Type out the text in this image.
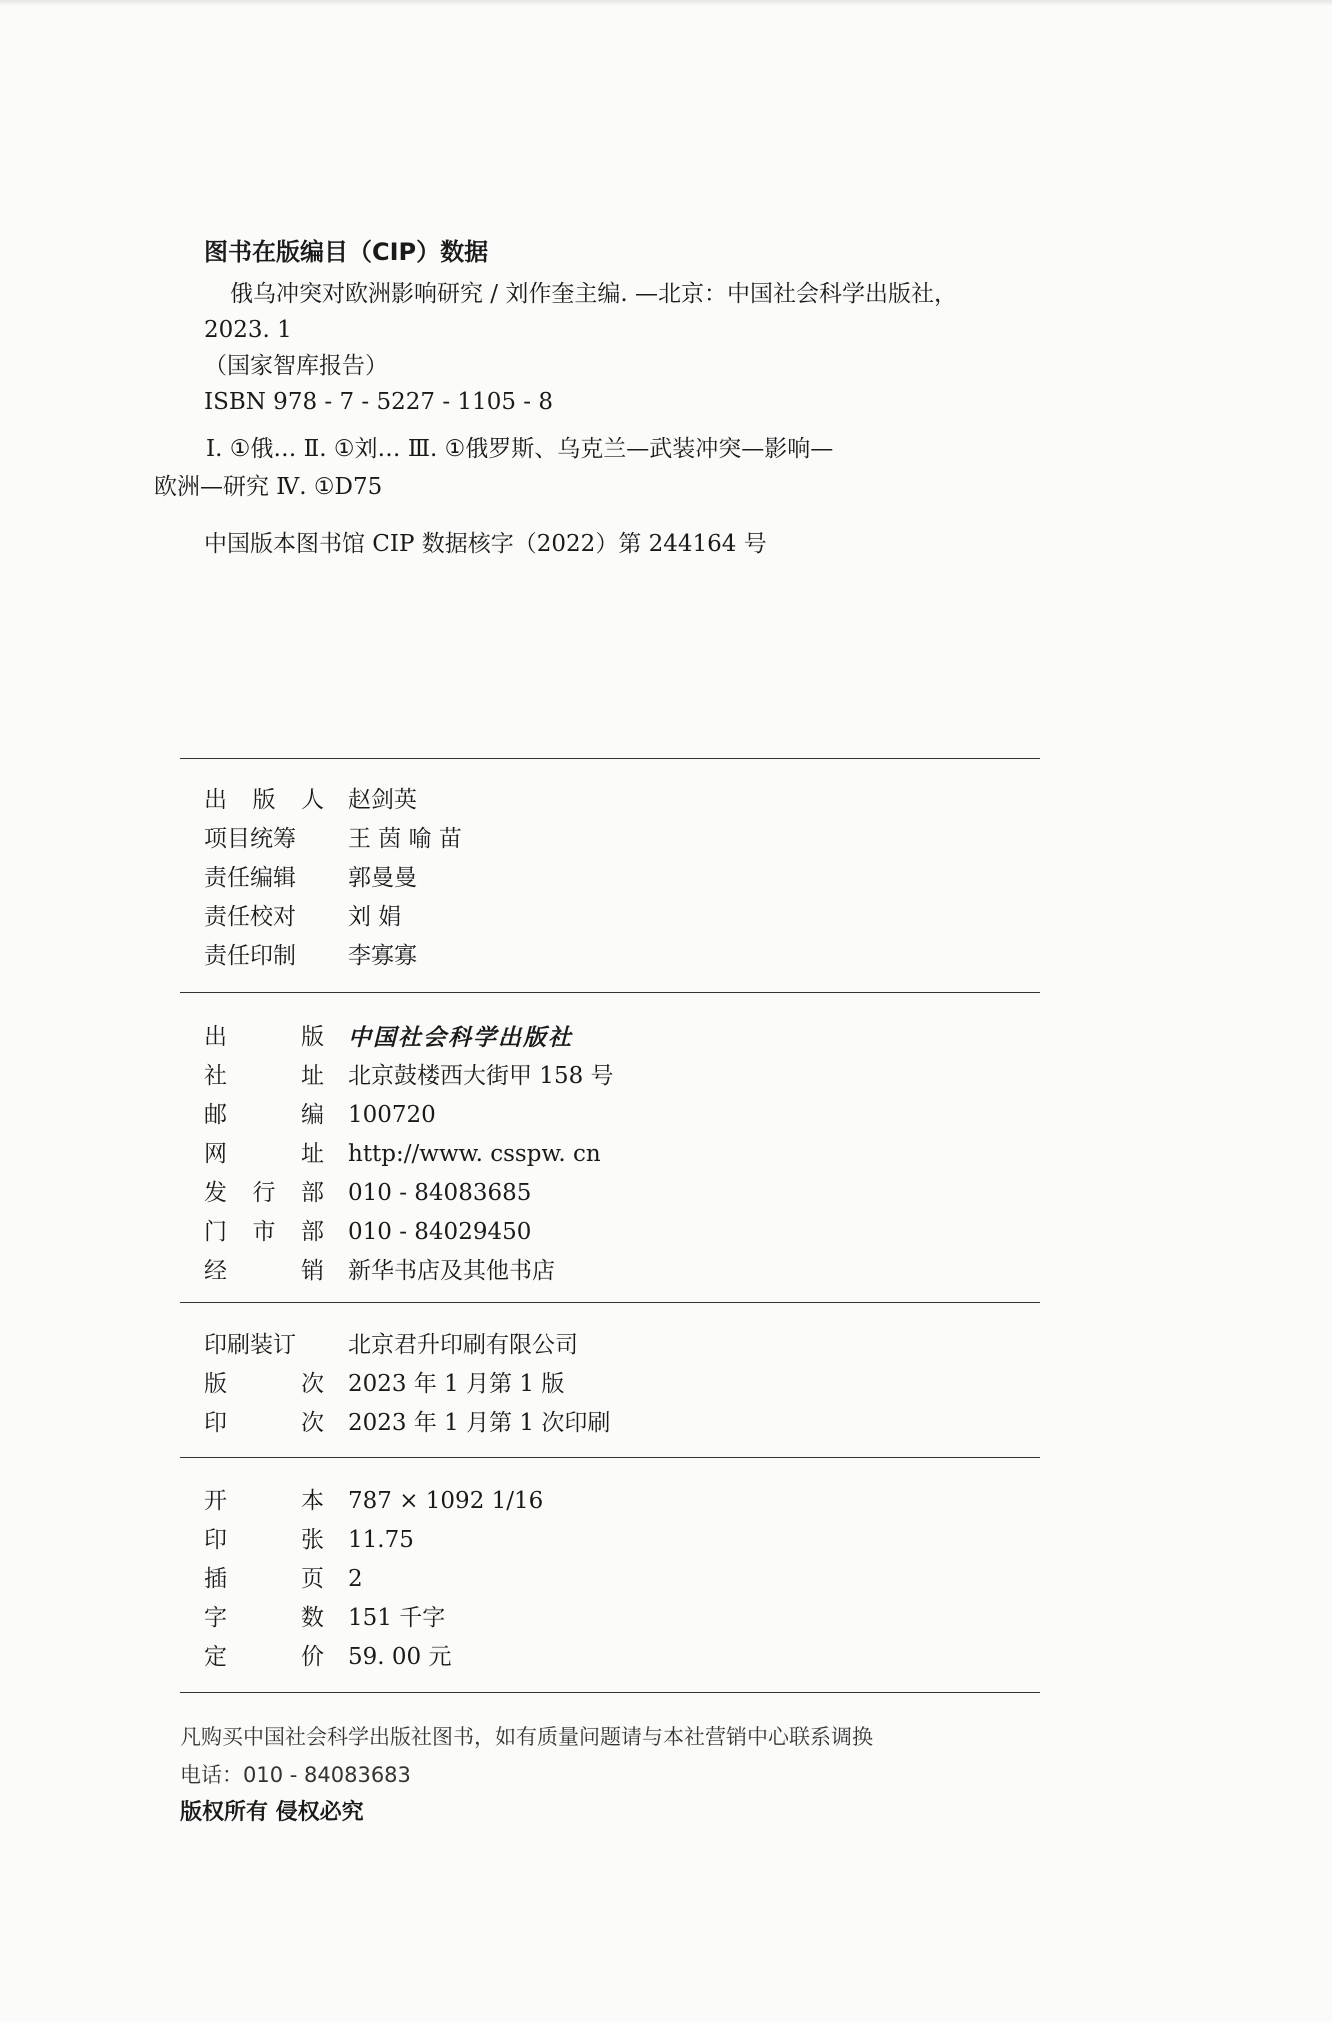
图书在版编目（CIP）数据
俄乌冲突对欧洲影响研究 / 刘作奎主编. —北京：中国社会科学出版社，
2023. 1
（国家智库报告）
ISBN 978 - 7 - 5227 - 1105 - 8
Ⅰ. ①俄… Ⅱ. ①刘… Ⅲ. ①俄罗斯、乌克兰—武装冲突—影响—
欧洲—研究 Ⅳ. ①D75
中国版本图书馆 CIP 数据核字（2022）第 244164 号
出 版 人 赵剑英
项目统筹 王 茵 喻 苗
责任编辑 郭曼曼
责任校对 刘 娟
责任印制 李寡寡
出	版 中国社会科学出版社
社	址 北京鼓楼西大街甲 158 号
邮	编 100720
网	址 http://www. csspw. cn
发 行 部 010 - 84083685
门 市 部 010 - 84029450
经	销 新华书店及其他书店
印刷装订 北京君升印刷有限公司
版	次 2023 年 1 月第 1 版
印	次 2023 年 1 月第 1 次印刷
开	本 787 × 1092 1/16
印	张 11.75
插	页 2
字	数 151 千字
定	价 59. 00 元
凡购买中国社会科学出版社图书，如有质量问题请与本社营销中心联系调换
电话：010 - 84083683
版权所有 侵权必究
